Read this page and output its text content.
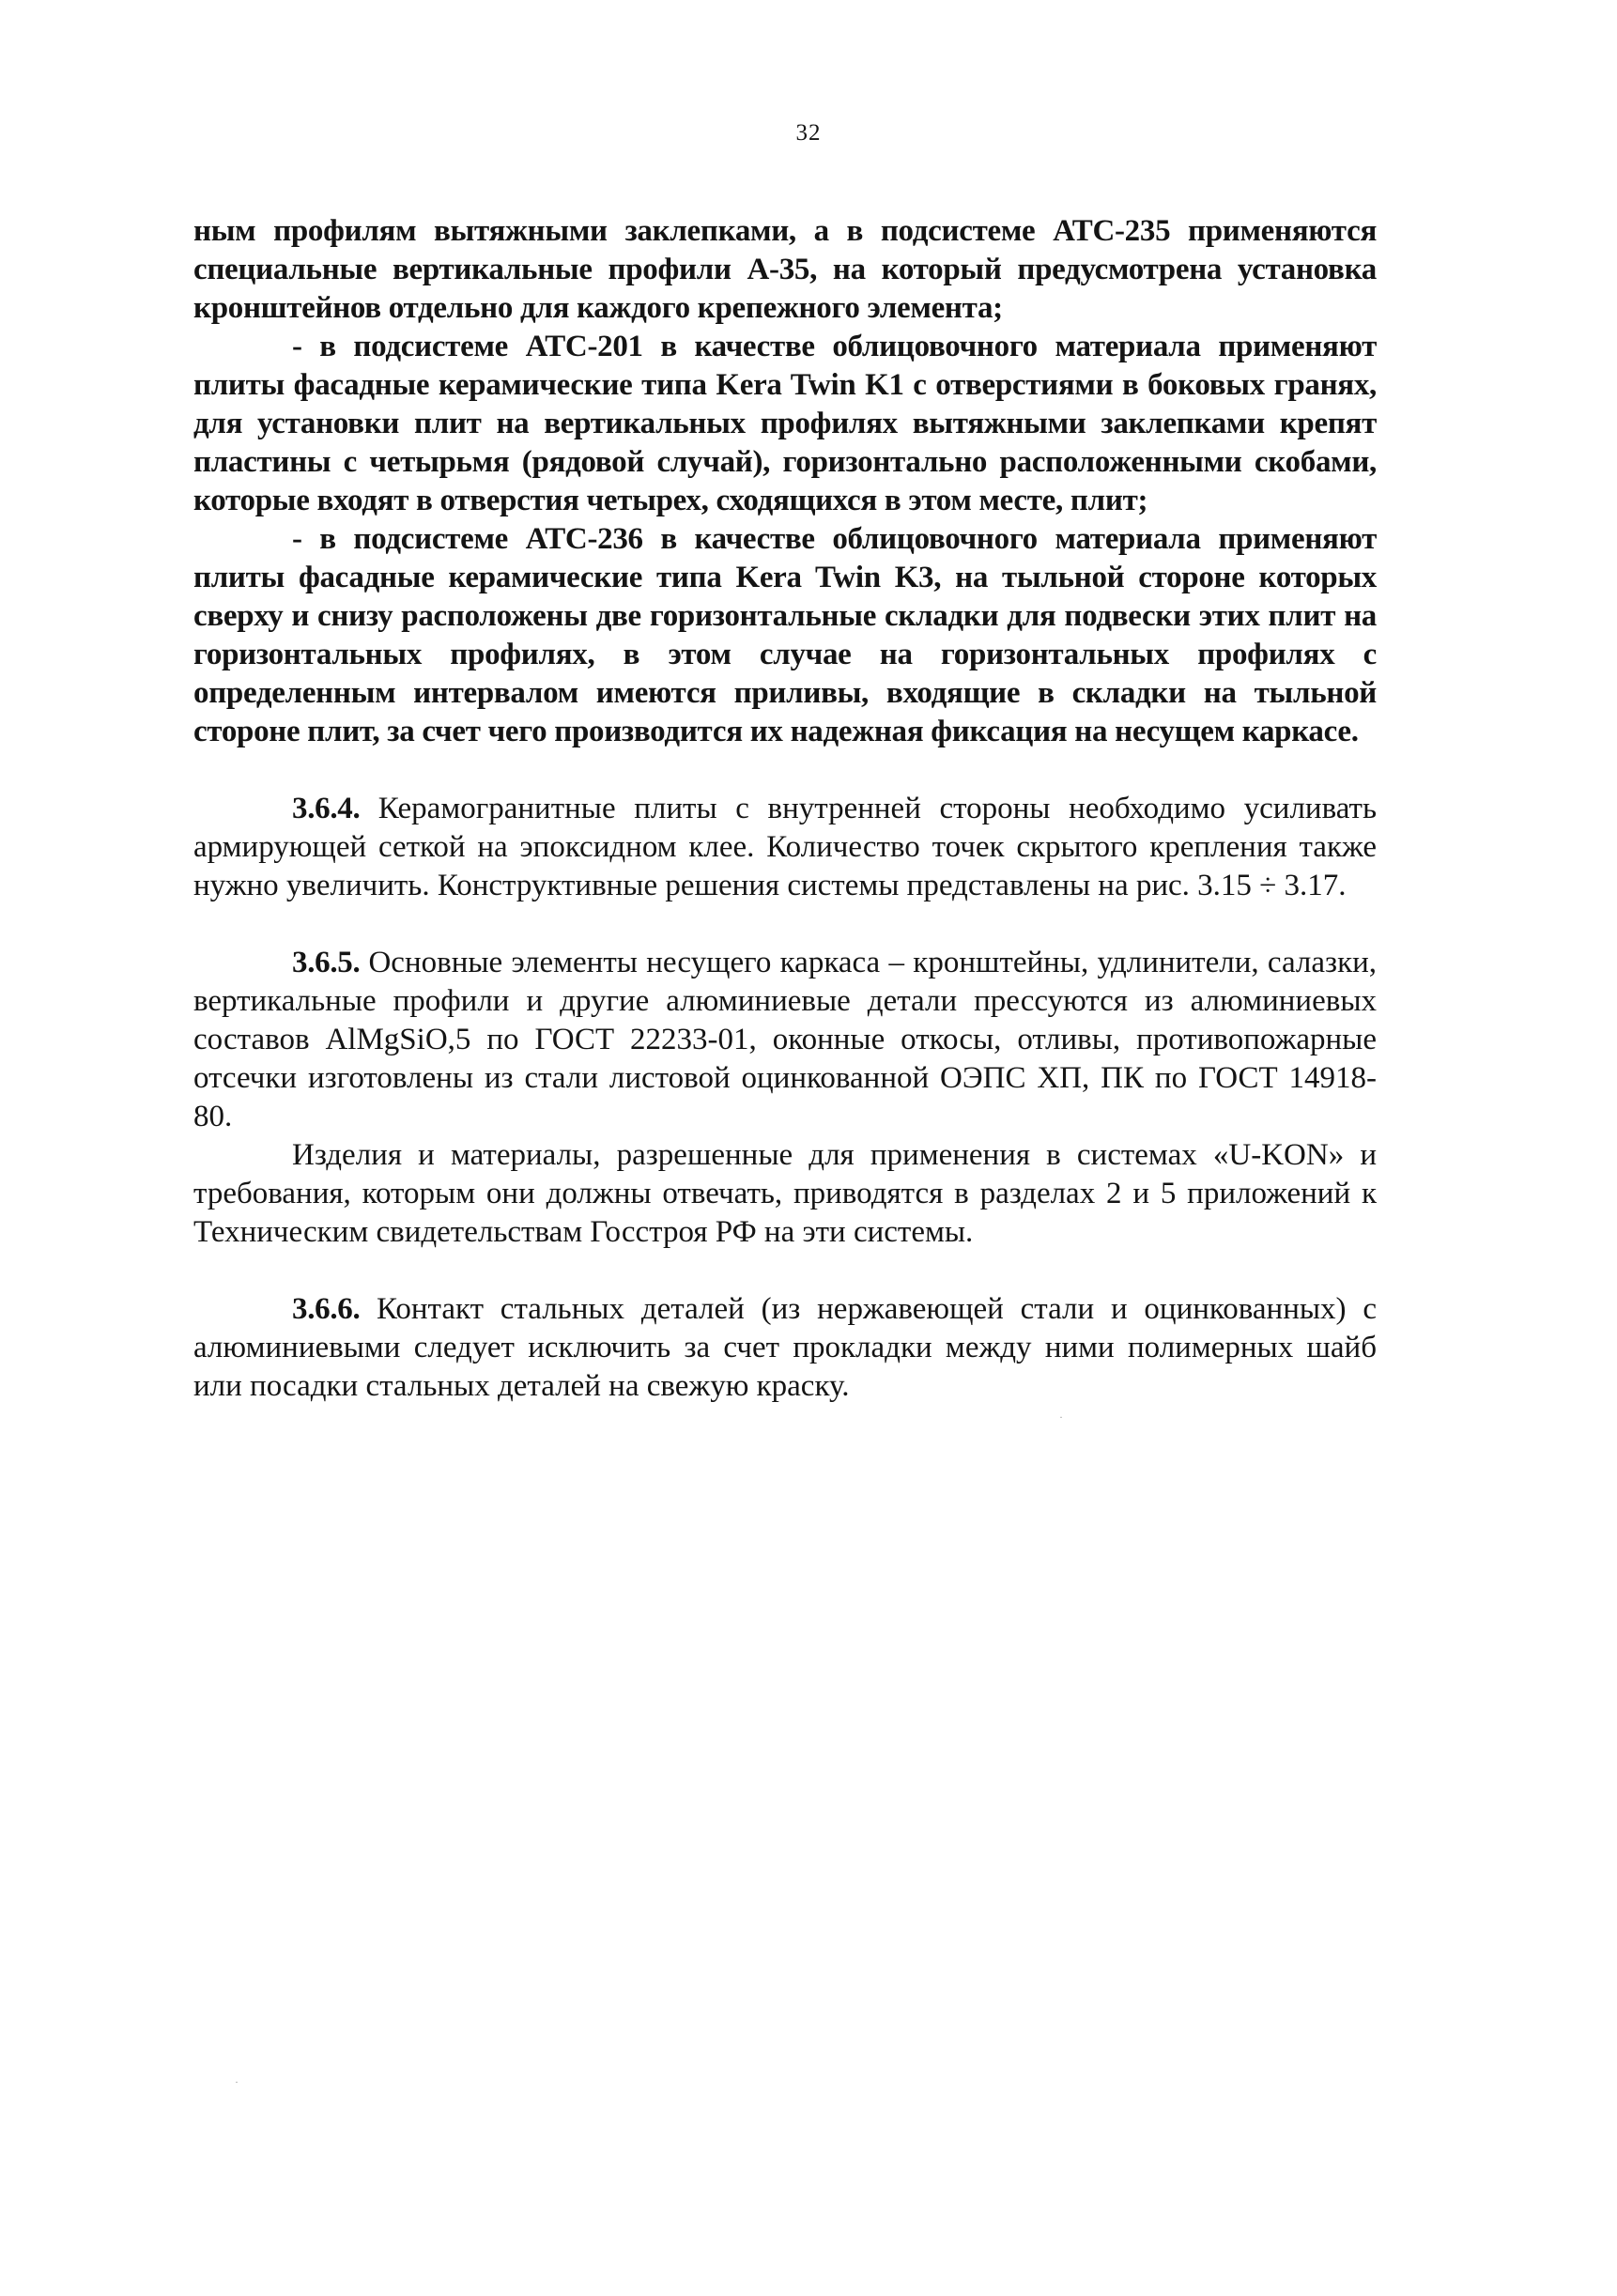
32

ным профилям вытяжными заклепками, а в подсистеме АТС-235 применяются специальные вертикальные профили А-35, на который предусмотрена установка кронштейнов отдельно для каждого крепежного элемента;

- в подсистеме АТС-201 в качестве облицовочного материала применяют плиты фасадные керамические типа Kera Twin K1 с отверстиями в боковых гранях, для установки плит на вертикальных профилях вытяжными заклепками крепят пластины с четырьмя (рядовой случай), горизонтально расположенными скобами, которые входят в отверстия четырех, сходящихся в этом месте, плит;

- в подсистеме АТС-236 в качестве облицовочного материала применяют плиты фасадные керамические типа Kera Twin K3, на тыльной стороне которых сверху и снизу расположены две горизонтальные складки для подвески этих плит на горизонтальных профилях, в этом случае на горизонтальных профилях с определенным интервалом имеются приливы, входящие в складки на тыльной стороне плит, за счет чего производится их надежная фиксация на несущем каркасе.

3.6.4. Керамогранитные плиты с внутренней стороны необходимо усиливать армирующей сеткой на эпоксидном клее. Количество точек скрытого крепления также нужно увеличить. Конструктивные решения системы представлены на рис. 3.15 ÷ 3.17.

3.6.5. Основные элементы несущего каркаса – кронштейны, удлинители, салазки, вертикальные профили и другие алюминиевые детали прессуются из алюминиевых составов AlMgSiO,5 по ГОСТ 22233-01, оконные откосы, отливы, противопожарные отсечки изготовлены из стали листовой оцинкованной ОЭПС ХП, ПК по ГОСТ 14918-80.

Изделия и материалы, разрешенные для применения в системах «U-KON» и требования, которым они должны отвечать, приводятся в разделах 2 и 5 приложений к Техническим свидетельствам Госстроя РФ на эти системы.

3.6.6. Контакт стальных деталей (из нержавеющей стали и оцинкованных) с алюминиевыми следует исключить за счет прокладки между ними полимерных шайб или посадки стальных деталей на свежую краску.

·
·
